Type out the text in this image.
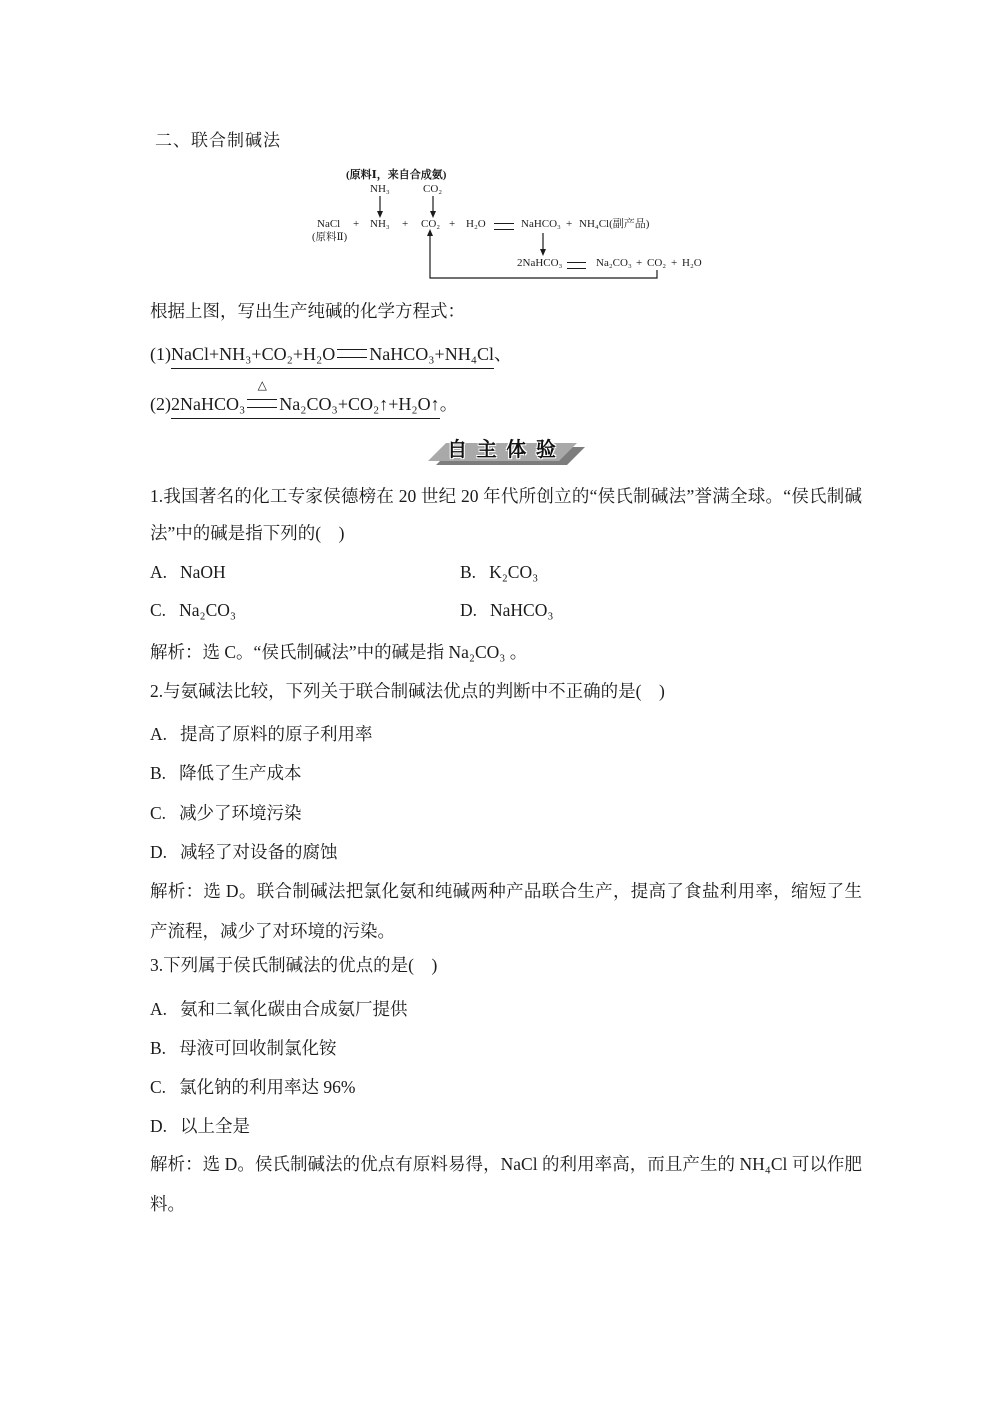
二、联合制碱法
(原料Ⅰ，来自合成氨)
NH₃	CO₂
NaCl +
(原料Ⅱ)
NH₃ + CO₂ + H₂O	NaHCO₃ + NH₄Cl(副产品)
2NaHCO₃	Na₂CO₃ + CO₂ + H₂O
根据上图，写出生产纯碱的化学方程式：
(1)NaCl+NH₃+CO₂+H₂O NaHCO₃+NH₄Cl、
(2)2NaHCO₃
△
Na₂CO₃+CO₂↑+H₂O↑。
自 主 体 验
1.我国著名的化工专家侯德榜在 20 世纪 20 年代所创立的“侯氏制碱法”誉满全球。“侯氏制碱法”中的碱是指下列的(  )
A. NaOH	B. K₂CO₃
C. Na₂CO₃	D. NaHCO₃
解析：选 C。“侯氏制碱法”中的碱是指 Na₂CO₃ 。
2.与氨碱法比较，下列关于联合制碱法优点的判断中不正确的是(  )
A. 提高了原料的原子利用率
B. 降低了生产成本
C. 减少了环境污染
D. 减轻了对设备的腐蚀
解析：选 D。联合制碱法把氯化氨和纯碱两种产品联合生产，提高了食盐利用率，缩短了生产流程，减少了对环境的污染。
3.下列属于侯氏制碱法的优点的是(  )
A. 氨和二氧化碳由合成氨厂提供
B. 母液可回收制氯化铵
C. 氯化钠的利用率达 96%
D. 以上全是
解析：选 D。侯氏制碱法的优点有原料易得，NaCl 的利用率高，而且产生的 NH₄Cl 可以作肥料。
